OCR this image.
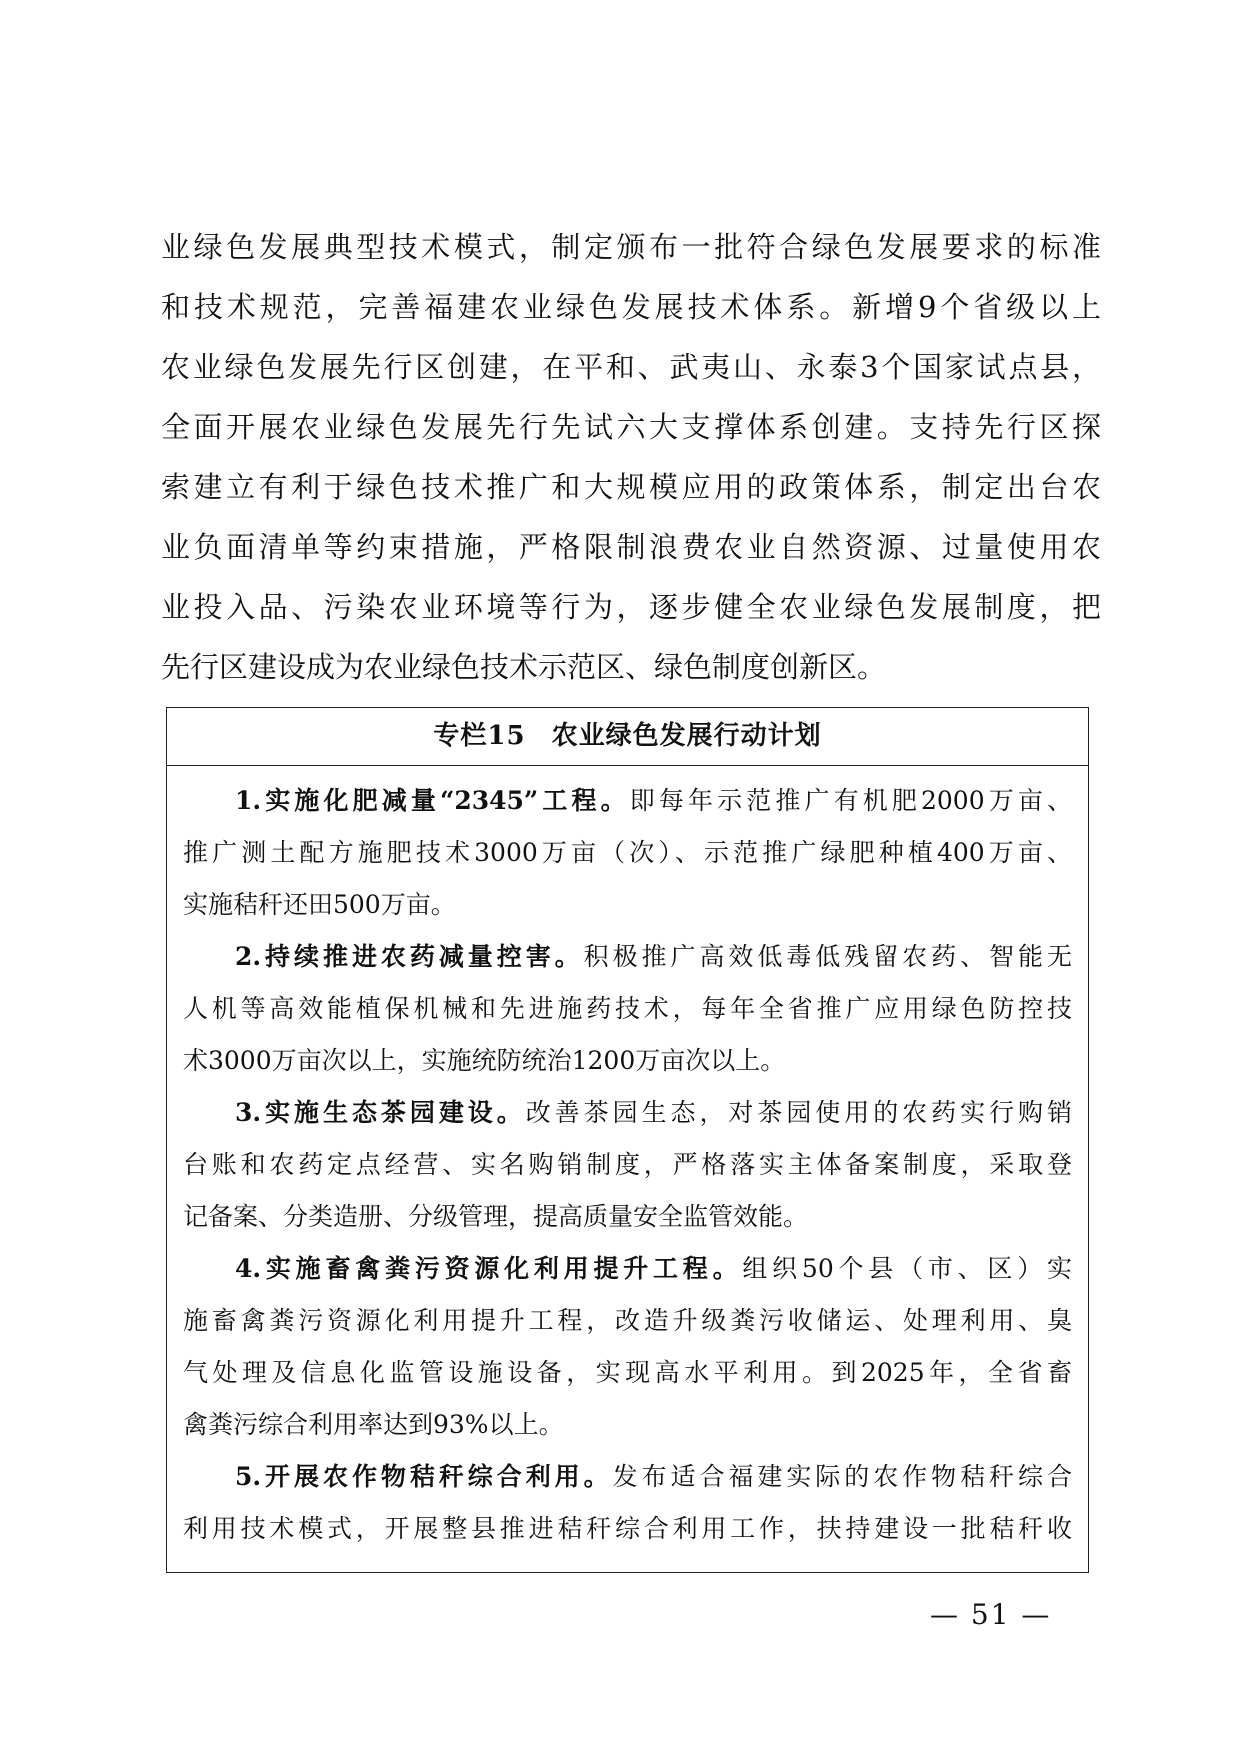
业绿色发展典型技术模式，制定颁布一批符合绿色发展要求的标准
和技术规范，完善福建农业绿色发展技术体系。新增9个省级以上
农业绿色发展先行区创建，在平和、武夷山、永泰3个国家试点县，
全面开展农业绿色发展先行先试六大支撑体系创建。支持先行区探
索建立有利于绿色技术推广和大规模应用的政策体系，制定出台农
业负面清单等约束措施，严格限制浪费农业自然资源、过量使用农
业投入品、污染农业环境等行为，逐步健全农业绿色发展制度，把
先行区建设成为农业绿色技术示范区、绿色制度创新区。
专栏15 农业绿色发展行动计划
1.实施化肥减量“2345”工程。即每年示范推广有机肥2000万亩、
推广测土配方施肥技术3000万亩（次）、示范推广绿肥种植400万亩、
实施秸秆还田500万亩。
2.持续推进农药减量控害。积极推广高效低毒低残留农药、智能无
人机等高效能植保机械和先进施药技术，每年全省推广应用绿色防控技
术3000万亩次以上，实施统防统治1200万亩次以上。
3.实施生态茶园建设。改善茶园生态，对茶园使用的农药实行购销
台账和农药定点经营、实名购销制度，严格落实主体备案制度，采取登
记备案、分类造册、分级管理，提高质量安全监管效能。
4.实施畜禽粪污资源化利用提升工程。组织50个县（市、区）实
施畜禽粪污资源化利用提升工程，改造升级粪污收储运、处理利用、臭
气处理及信息化监管设施设备，实现高水平利用。到2025年，全省畜
禽粪污综合利用率达到93%以上。
5.开展农作物秸秆综合利用。发布适合福建实际的农作物秸秆综合
利用技术模式，开展整县推进秸秆综合利用工作，扶持建设一批秸秆收
— 51 —
